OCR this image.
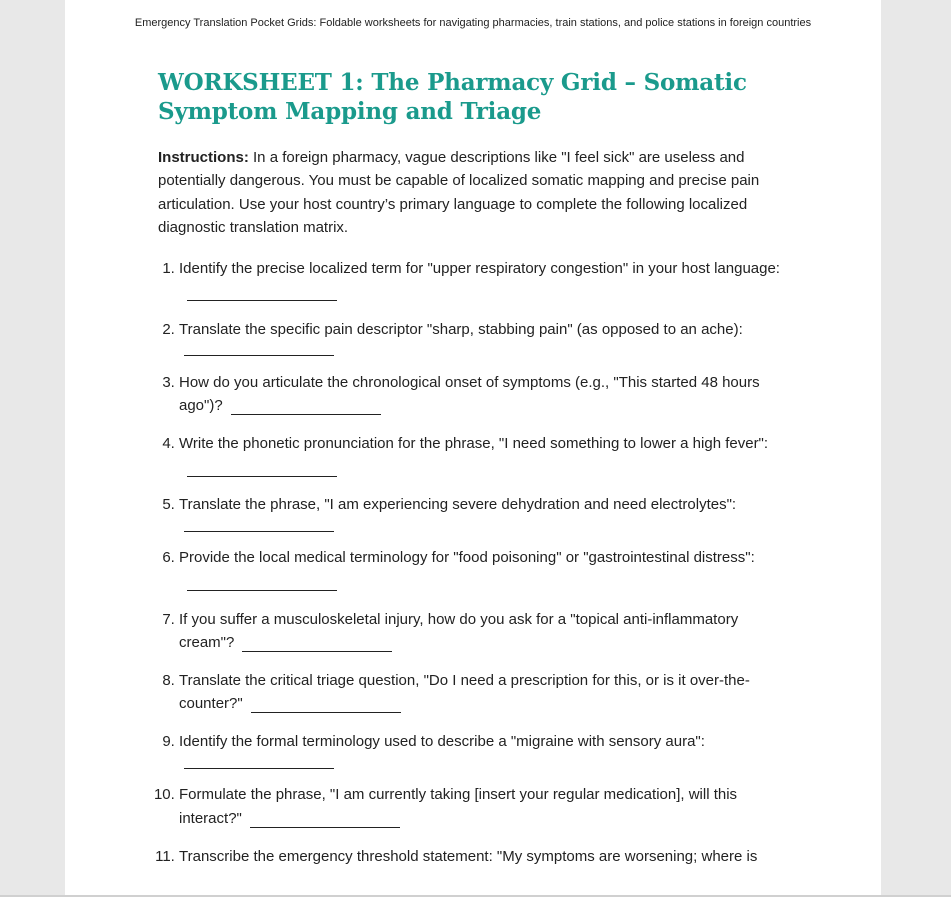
Emergency Translation Pocket Grids: Foldable worksheets for navigating pharmacies, train stations, and police stations in foreign countries
WORKSHEET 1: The Pharmacy Grid – Somatic Symptom Mapping and Triage

Instructions: In a foreign pharmacy, vague descriptions like "I feel sick" are useless and potentially dangerous. You must be capable of localized somatic mapping and precise pain articulation. Use your host country’s primary language to complete the following localized diagnostic translation matrix.

1. Identify the precise localized term for "upper respiratory congestion" in your host language:
2. Translate the specific pain descriptor "sharp, stabbing pain" (as opposed to an ache):
3. How do you articulate the chronological onset of symptoms (e.g., "This started 48 hours ago")?
4. Write the phonetic pronunciation for the phrase, "I need something to lower a high fever":
5. Translate the phrase, "I am experiencing severe dehydration and need electrolytes":
6. Provide the local medical terminology for "food poisoning" or "gastrointestinal distress":
7. If you suffer a musculoskeletal injury, how do you ask for a "topical anti-inflammatory cream"?
8. Translate the critical triage question, "Do I need a prescription for this, or is it over-the-counter?"
9. Identify the formal terminology used to describe a "migraine with sensory aura":
10. Formulate the phrase, "I am currently taking [insert your regular medication], will this interact?"
11. Transcribe the emergency threshold statement: "My symptoms are worsening; where is
